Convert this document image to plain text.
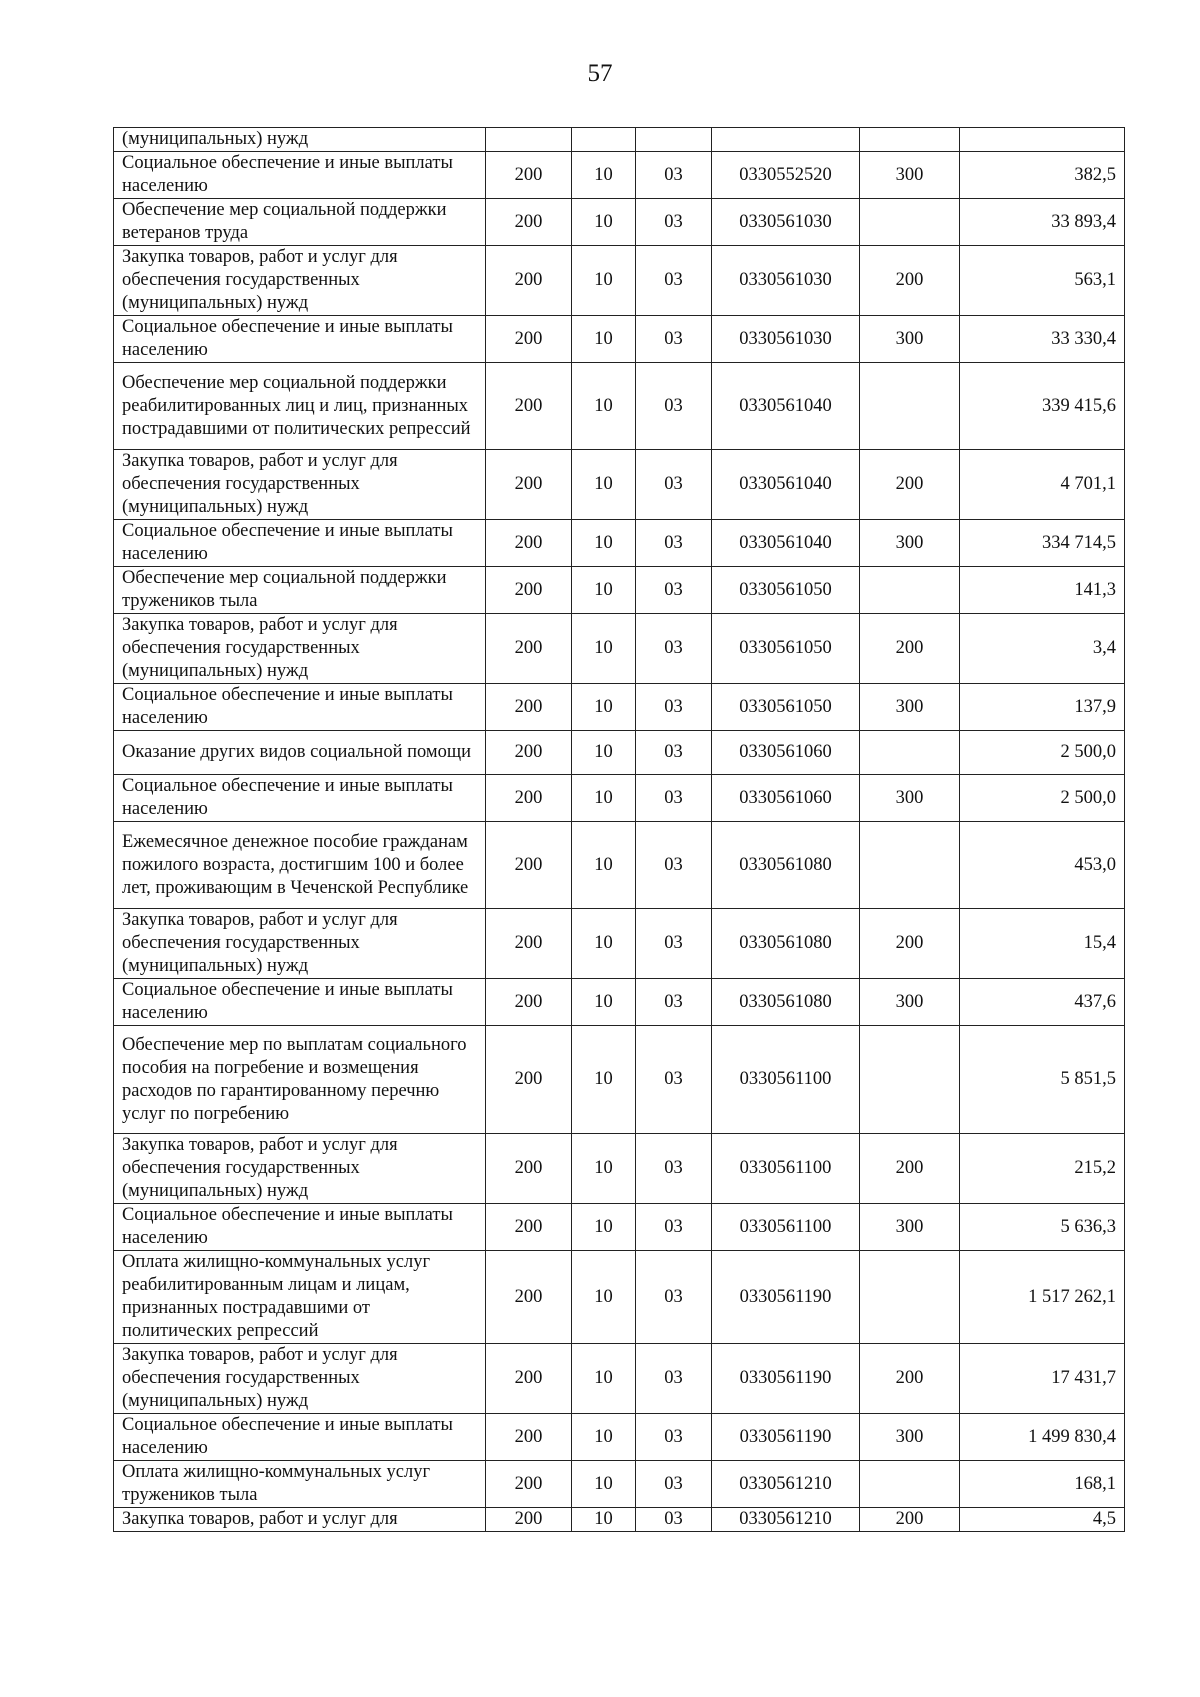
57
(муниципальных) нужд						
Социальное обеспечение и иные выплаты населению	200	10	03	0330552520	300	382,5
Обеспечение мер социальной поддержки ветеранов труда	200	10	03	0330561030		33 893,4
Закупка товаров, работ и услуг для обеспечения государственных (муниципальных) нужд	200	10	03	0330561030	200	563,1
Социальное обеспечение и иные выплаты населению	200	10	03	0330561030	300	33 330,4
Обеспечение мер социальной поддержки реабилитированных лиц и лиц, признанных пострадавшими от политических репрессий	200	10	03	0330561040		339 415,6
Закупка товаров, работ и услуг для обеспечения государственных (муниципальных) нужд	200	10	03	0330561040	200	4 701,1
Социальное обеспечение и иные выплаты населению	200	10	03	0330561040	300	334 714,5
Обеспечение мер социальной поддержки тружеников тыла	200	10	03	0330561050		141,3
Закупка товаров, работ и услуг для обеспечения государственных (муниципальных) нужд	200	10	03	0330561050	200	3,4
Социальное обеспечение и иные выплаты населению	200	10	03	0330561050	300	137,9
Оказание других видов социальной помощи	200	10	03	0330561060		2 500,0
Социальное обеспечение и иные выплаты населению	200	10	03	0330561060	300	2 500,0
Ежемесячное денежное пособие гражданам пожилого возраста, достигшим 100 и более лет, проживающим в Чеченской Республике	200	10	03	0330561080		453,0
Закупка товаров, работ и услуг для обеспечения государственных (муниципальных) нужд	200	10	03	0330561080	200	15,4
Социальное обеспечение и иные выплаты населению	200	10	03	0330561080	300	437,6
Обеспечение мер по выплатам социального пособия на погребение и возмещения расходов по гарантированному перечню услуг по погребению	200	10	03	0330561100		5 851,5
Закупка товаров, работ и услуг для обеспечения государственных (муниципальных) нужд	200	10	03	0330561100	200	215,2
Социальное обеспечение и иные выплаты населению	200	10	03	0330561100	300	5 636,3
Оплата жилищно-коммунальных услуг реабилитированным лицам и лицам, признанных пострадавшими от политических репрессий	200	10	03	0330561190		1 517 262,1
Закупка товаров, работ и услуг для обеспечения государственных (муниципальных) нужд	200	10	03	0330561190	200	17 431,7
Социальное обеспечение и иные выплаты населению	200	10	03	0330561190	300	1 499 830,4
Оплата жилищно-коммунальных услуг тружеников тыла	200	10	03	0330561210		168,1
Закупка товаров, работ и услуг для	200	10	03	0330561210	200	4,5
